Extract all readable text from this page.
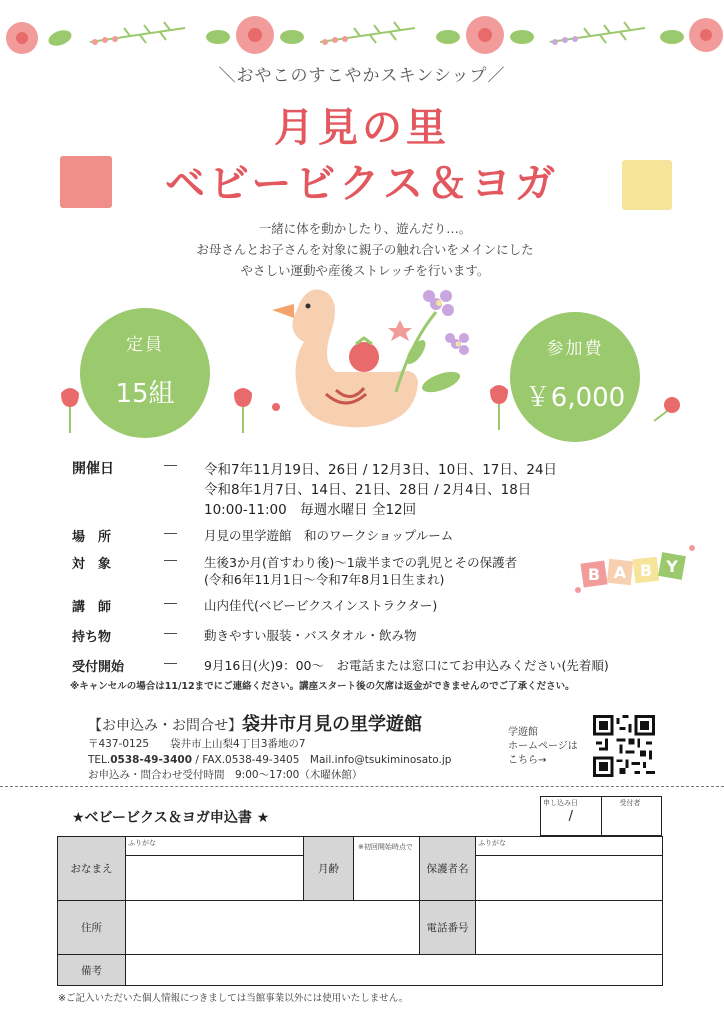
＼おやこのすこやかスキンシップ／
月見の里
ベビービクス＆ヨガ
一緒に体を動かしたり、遊んだり…。
お母さんとお子さんを対象に親子の触れ合いをメインにした
やさしい運動や産後ストレッチを行います。
定員
15組
参加費
￥6,000
開催日	― 令和7年11月19日、26日 / 12月3日、10日、17日、24日
令和8年1月7日、14日、21日、28日 / 2月4日、18日
10:00-11:00　毎週水曜日 全12回
場　所	― 月見の里学遊館　和のワークショップルーム
対　象	― 生後3か月(首すわり後)～1歳半までの乳児とその保護者
(令和6年11月1日～令和7年8月1日生まれ)
講　師	― 山内佳代(ベビービクスインストラクター)
持ち物	― 動きやすい服装・バスタオル・飲み物
受付開始	― 9月16日(火)9：00～　お電話または窓口にてお申込みください(先着順)
B A B Y
※キャンセルの場合は11/12までにご連絡ください。講座スタート後の欠席は返金ができませんのでご了承ください。
【お申込み・お問合せ】袋井市月見の里学遊館
〒437-0125　　袋井市上山梨4丁目3番地の7
TEL.0538-49-3400 / FAX.0538-49-3405　Mail.info@tsukiminosato.jp
お申込み・問合わせ受付時間　9:00～17:00（木曜休館）
学遊館
ホームページは
こちら→
★ベビービクス＆ヨガ申込書 ★
申し込み日
/	
受付者
おなまえ	ふりがな	月齢	※初回開始時点で	保護者名	ふりがな

住所				電話番号	
備考					
※ご記入いただいた個人情報につきましては当館事業以外には使用いたしません。
